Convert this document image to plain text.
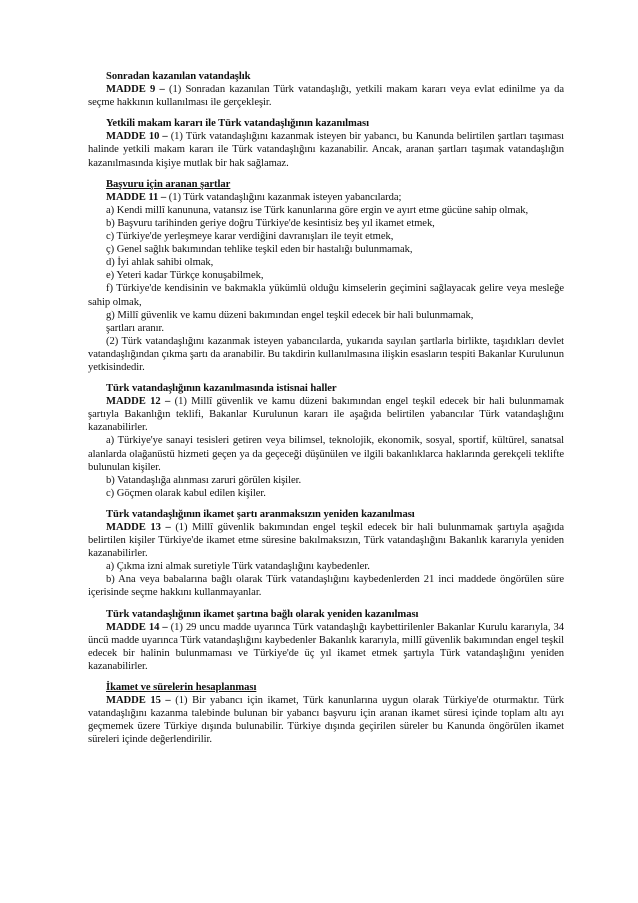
Sonradan kazanılan vatandaşlık

MADDE 9 – (1) Sonradan kazanılan Türk vatandaşlığı, yetkili makam kararı veya evlat edinilme ya da seçme hakkının kullanılması ile gerçekleşir.

Yetkili makam kararı ile Türk vatandaşlığının kazanılması

MADDE 10 – (1) Türk vatandaşlığını kazanmak isteyen bir yabancı, bu Kanunda belirtilen şartları taşıması halinde yetkili makam kararı ile Türk vatandaşlığını kazanabilir. Ancak, aranan şartları taşımak vatandaşlığın kazanılmasında kişiye mutlak bir hak sağlamaz.

Başvuru için aranan şartlar

MADDE 11 – (1) Türk vatandaşlığını kazanmak isteyen yabancılarda;

a) Kendi millî kanununa, vatansız ise Türk kanunlarına göre ergin ve ayırt etme gücüne sahip olmak,

b) Başvuru tarihinden geriye doğru Türkiye'de kesintisiz beş yıl ikamet etmek,

c) Türkiye'de yerleşmeye karar verdiğini davranışları ile teyit etmek,

ç) Genel sağlık bakımından tehlike teşkil eden bir hastalığı bulunmamak,

d) İyi ahlak sahibi olmak,

e) Yeteri kadar Türkçe konuşabilmek,

f) Türkiye'de kendisinin ve bakmakla yükümlü olduğu kimselerin geçimini sağlayacak gelire veya mesleğe sahip olmak,

g) Millî güvenlik ve kamu düzeni bakımından engel teşkil edecek bir hali bulunmamak,

şartları aranır.

(2) Türk vatandaşlığını kazanmak isteyen yabancılarda, yukarıda sayılan şartlarla birlikte, taşıdıkları devlet vatandaşlığından çıkma şartı da aranabilir. Bu takdirin kullanılmasına ilişkin esasların tespiti Bakanlar Kurulunun yetkisindedir.

Türk vatandaşlığının kazanılmasında istisnai haller

MADDE 12 – (1) Millî güvenlik ve kamu düzeni bakımından engel teşkil edecek bir hali bulunmamak şartıyla Bakanlığın teklifi, Bakanlar Kurulunun kararı ile aşağıda belirtilen yabancılar Türk vatandaşlığını kazanabilirler.

a) Türkiye'ye sanayi tesisleri getiren veya bilimsel, teknolojik, ekonomik, sosyal, sportif, kültürel, sanatsal alanlarda olağanüstü hizmeti geçen ya da geçeceği düşünülen ve ilgili bakanlıklarca haklarında gerekçeli teklifte bulunulan kişiler.

b) Vatandaşlığa alınması zaruri görülen kişiler.

c) Göçmen olarak kabul edilen kişiler.

Türk vatandaşlığının ikamet şartı aranmaksızın yeniden kazanılması

MADDE 13 – (1) Millî güvenlik bakımından engel teşkil edecek bir hali bulunmamak şartıyla aşağıda belirtilen kişiler Türkiye'de ikamet etme süresine bakılmaksızın, Türk vatandaşlığını Bakanlık kararıyla yeniden kazanabilirler.

a) Çıkma izni almak suretiyle Türk vatandaşlığını kaybedenler.

b) Ana veya babalarına bağlı olarak Türk vatandaşlığını kaybedenlerden 21 inci maddede öngörülen süre içerisinde seçme hakkını kullanmayanlar.

Türk vatandaşlığının ikamet şartına bağlı olarak yeniden kazanılması

MADDE 14 – (1) 29 uncu madde uyarınca Türk vatandaşlığı kaybettirilenler Bakanlar Kurulu kararıyla, 34 üncü madde uyarınca Türk vatandaşlığını kaybedenler Bakanlık kararıyla, millî güvenlik bakımından engel teşkil edecek bir halinin bulunmaması ve Türkiye'de üç yıl ikamet etmek şartıyla Türk vatandaşlığını yeniden kazanabilirler.

İkamet ve sürelerin hesaplanması

MADDE 15 – (1) Bir yabancı için ikamet, Türk kanunlarına uygun olarak Türkiye'de oturmaktır. Türk vatandaşlığını kazanma talebinde bulunan bir yabancı başvuru için aranan ikamet süresi içinde toplam altı ayı geçmemek üzere Türkiye dışında bulunabilir. Türkiye dışında geçirilen süreler bu Kanunda öngörülen ikamet süreleri içinde değerlendirilir.
